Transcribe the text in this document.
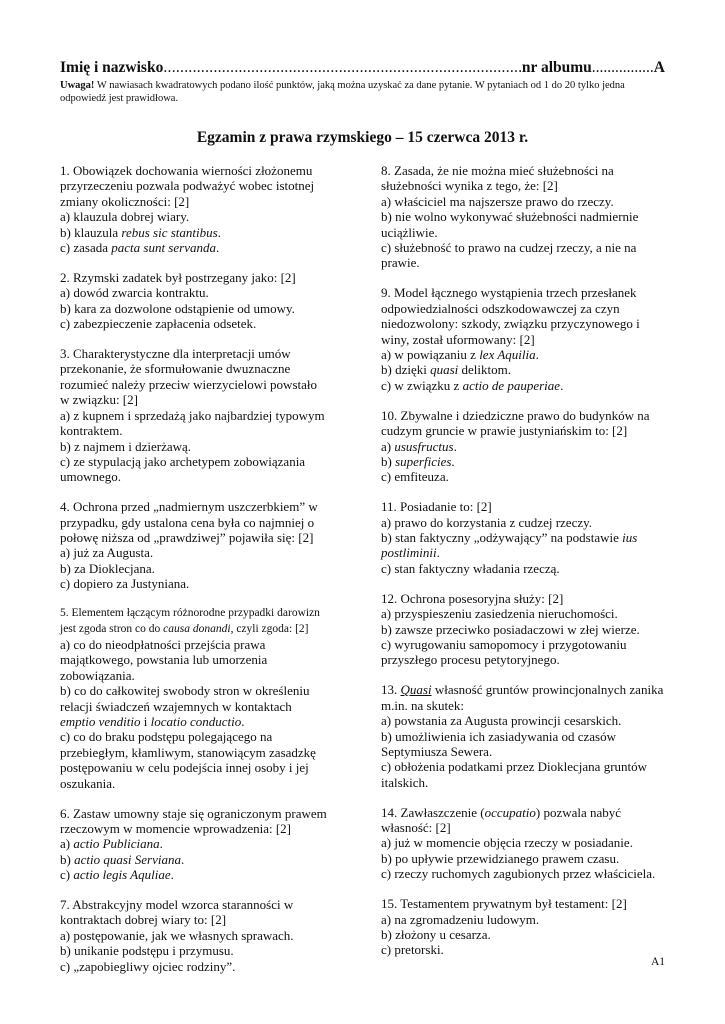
Imię i nazwisko .....	nr albumu .....	A
Uwaga! W nawiasach kwadratowych podano ilość punktów, jaką można uzyskać za dane pytanie. W pytaniach od 1 do 20 tylko jedna odpowiedź jest prawidłowa.
Egzamin z prawa rzymskiego – 15 czerwca 2013 r.

1. Obowiązek dochowania wierności złożonemu przyrzeczeniu pozwala podważyć wobec istotnej zmiany okoliczności: [2]

a) klauzula dobrej wiary.

b) klauzula rebus sic stantibus.

c) zasada pacta sunt servanda.

2. Rzymski zadatek był postrzegany jako: [2]

a) dowód zwarcia kontraktu.

b) kara za dozwolone odstąpienie od umowy.

c) zabezpieczenie zapłacenia odsetek.

3. Charakterystyczne dla interpretacji umów przekonanie, że sformułowanie dwuznaczne rozumieć należy przeciw wierzycielowi powstało w związku: [2]

a) z kupnem i sprzedażą jako najbardziej typowym kontraktem.

b) z najmem i dzierżawą.

c) ze stypulacją jako archetypem zobowiązania umownego.

4. Ochrona przed „nadmiernym uszczerbkiem” w przypadku, gdy ustalona cena była co najmniej o połowę niższa od „prawdziwej” pojawiła się: [2]

a) już za Augusta.

b) za Dioklecjana.

c) dopiero za Justyniana.

5. Elementem łączącym różnorodne przypadki darowizn jest zgoda stron co do causa donandi, czyli zgoda: [2]

a) co do nieodpłatności przejścia prawa majątkowego, powstania lub umorzenia zobowiązania.

b) co do całkowitej swobody stron w określeniu relacji świadczeń wzajemnych w kontaktach emptio venditio i locatio conductio.

c) co do braku podstępu polegającego na przebiegłym, kłamliwym, stanowiącym zasadzkę postępowaniu w celu podejścia innej osoby i jej oszukania.

6. Zastaw umowny staje się ograniczonym prawem rzeczowym w momencie wprowadzenia: [2]

a) actio Publiciana.

b) actio quasi Serviana.

c) actio legis Aquliae.

7. Abstrakcyjny model wzorca staranności w kontraktach dobrej wiary to: [2]

a) postępowanie, jak we własnych sprawach.

b) unikanie podstępu i przymusu.

c) „zapobiegliwy ojciec rodziny”.

8. Zasada, że nie można mieć służebności na służebności wynika z tego, że: [2]

a) właściciel ma najszersze prawo do rzeczy.

b) nie wolno wykonywać służebności nadmiernie uciążliwie.

c) służebność to prawo na cudzej rzeczy, a nie na prawie.

9. Model łącznego wystąpienia trzech przesłanek odpowiedzialności odszkodowawczej za czyn niedozwolony: szkody, związku przyczynowego i winy, został uformowany: [2]

a) w powiązaniu z lex Aquilia.

b) dzięki quasi deliktom.

c) w związku z actio de pauperiae.

10. Zbywalne i dziedziczne prawo do budynków na cudzym gruncie w prawie justyniańskim to: [2]

a) ususfructus.

b) superficies.

c) emfiteuza.

11. Posiadanie to: [2]

a) prawo do korzystania z cudzej rzeczy.

b) stan faktyczny „odżywający” na podstawie ius postliminii.

c) stan faktyczny władania rzeczą.

12. Ochrona posesoryjna służy: [2]

a) przyspieszeniu zasiedzenia nieruchomości.

b) zawsze przeciwko posiadaczowi w złej wierze.

c) wyrugowaniu samopomocy i przygotowaniu przyszłego procesu petytoryjnego.

13. Quasi własność gruntów prowincjonalnych zanika m.in. na skutek:

a) powstania za Augusta prowincji cesarskich.

b) umożliwienia ich zasiadywania od czasów Septymiusza Sewera.

c) obłożenia podatkami przez Dioklecjana gruntów italskich.

14. Zawłaszczenie (occupatio) pozwala nabyć własność: [2]

a) już w momencie objęcia rzeczy w posiadanie.

b) po upływie przewidzianego prawem czasu.

c) rzeczy ruchomych zagubionych przez właściciela.

15. Testamentem prywatnym był testament: [2]

a) na zgromadzeniu ludowym.

b) złożony u cesarza.

c) pretorski.

A1
